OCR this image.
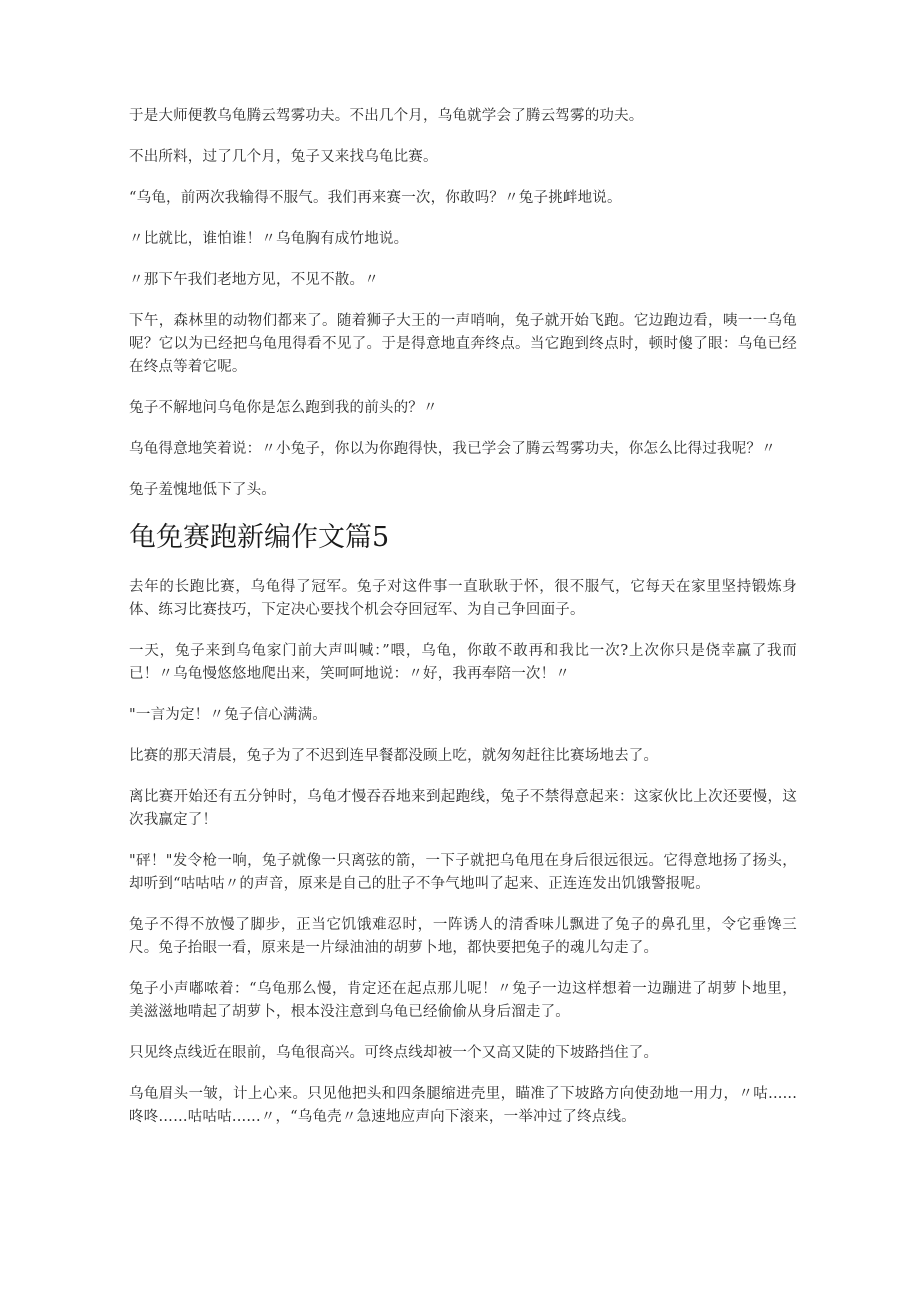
于是大师便教乌龟腾云驾雾功夫。不出几个月，乌龟就学会了腾云驾雾的功夫。

不出所料，过了几个月，兔子又来找乌龟比赛。

“乌龟，前两次我输得不服气。我们再来赛一次，你敢吗？〃兔子挑衅地说。

〃比就比，谁怕谁！〃乌龟胸有成竹地说。

〃那下午我们老地方见，不见不散。〃

下午，森林里的动物们都来了。随着狮子大王的一声哨响，兔子就开始飞跑。它边跑边看，咦一一乌龟呢？它以为已经把乌龟甩得看不见了。于是得意地直奔终点。当它跑到终点时，顿时傻了眼：乌龟已经在终点等着它呢。

兔子不解地问乌龟你是怎么跑到我的前头的？〃

乌龟得意地笑着说：〃小兔子，你以为你跑得快，我已学会了腾云驾雾功夫，你怎么比得过我呢？〃

兔子羞愧地低下了头。

龟免赛跑新编作文篇5

去年的长跑比赛，乌龟得了冠军。兔子对这件事一直耿耿于怀，很不服气，它每天在家里坚持锻炼身体、练习比赛技巧，下定决心要找个机会夺回冠军、为自己争回面子。

一天，兔子来到乌龟家门前大声叫喊：”喂，乌龟，你敢不敢再和我比一次?上次你只是侥幸赢了我而已！〃乌龟慢悠悠地爬出来，笑呵呵地说：〃好，我再奉陪一次！〃

"一言为定！〃兔子信心满满。

比赛的那天清晨，兔子为了不迟到连早餐都没顾上吃，就匆匆赶往比赛场地去了。

离比赛开始还有五分钟时，乌龟才慢吞吞地来到起跑线，兔子不禁得意起来：这家伙比上次还要慢，这次我赢定了！

"砰！"发令枪一响，兔子就像一只离弦的箭，一下子就把乌龟甩在身后很远很远。它得意地扬了扬头，却听到“咕咕咕〃的声音，原来是自己的肚子不争气地叫了起来、正连连发出饥饿警报呢。

兔子不得不放慢了脚步，正当它饥饿难忍时，一阵诱人的清香味儿飘进了兔子的鼻孔里，令它垂馋三尺。兔子抬眼一看，原来是一片绿油油的胡萝卜地，都快要把兔子的魂儿勾走了。

兔子小声嘟哝着：“乌龟那么慢，肯定还在起点那儿呢！〃兔子一边这样想着一边蹦进了胡萝卜地里，美滋滋地啃起了胡萝卜，根本没注意到乌龟已经偷偷从身后溜走了。

只见终点线近在眼前，乌龟很高兴。可终点线却被一个又高又陡的下坡路挡住了。

乌龟眉头一皱，计上心来。只见他把头和四条腿缩进壳里，瞄准了下坡路方向使劲地一用力，〃咕......咚咚……咕咕咕......〃，“乌龟壳〃急速地应声向下滚来，一举冲过了终点线。
